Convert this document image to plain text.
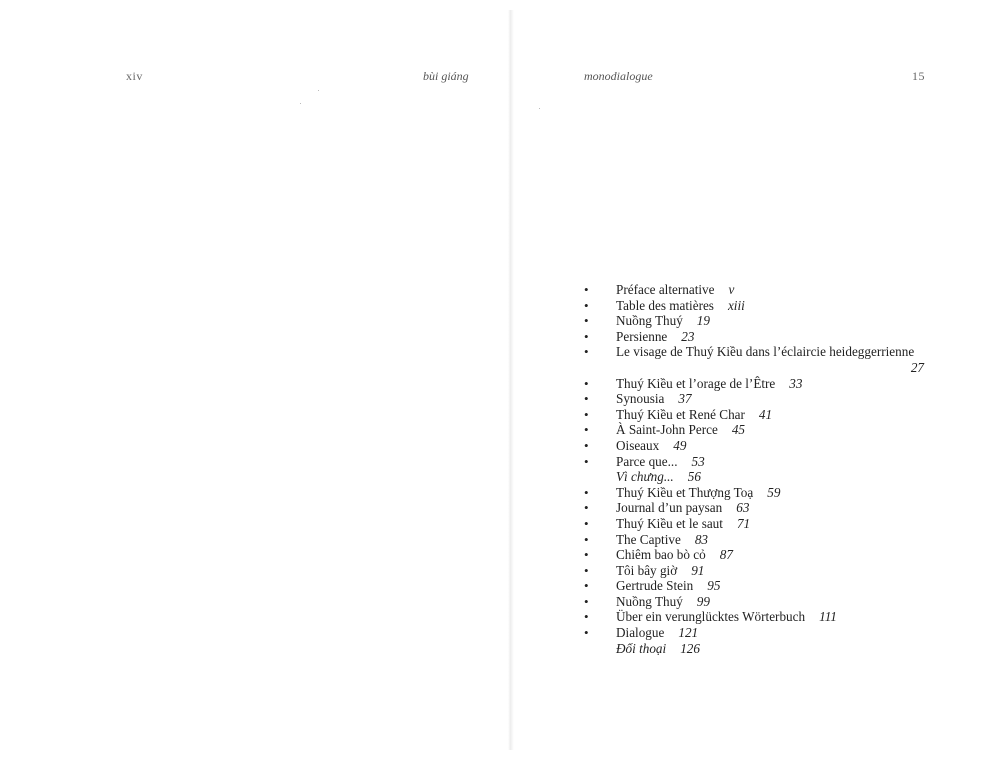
xiv	bùi giáng	monodialogue	15
• Préface alternative v
• Table des matières xiii
• Nuồng Thuý 19
• Persienne 23
• Le visage de Thuý Kiều dans l’éclaircie heideggerrienne
27
• Thuý Kiều et l’orage de l’Être 33
• Synousia 37
• Thuý Kiều et René Char 41
• À Saint-John Perce 45
• Oiseaux 49
• Parce que... 53
Vì chưng... 56
• Thuý Kiều et Thượng Toạ 59
• Journal d’un paysan 63
• Thuý Kiều et le saut 71
• The Captive 83
• Chiêm bao bò cỏ 87
• Tôi bây giờ 91
• Gertrude Stein 95
• Nuồng Thuý 99
• Über ein verunglücktes Wörterbuch 111
• Dialogue 121
Đối thoại 126
